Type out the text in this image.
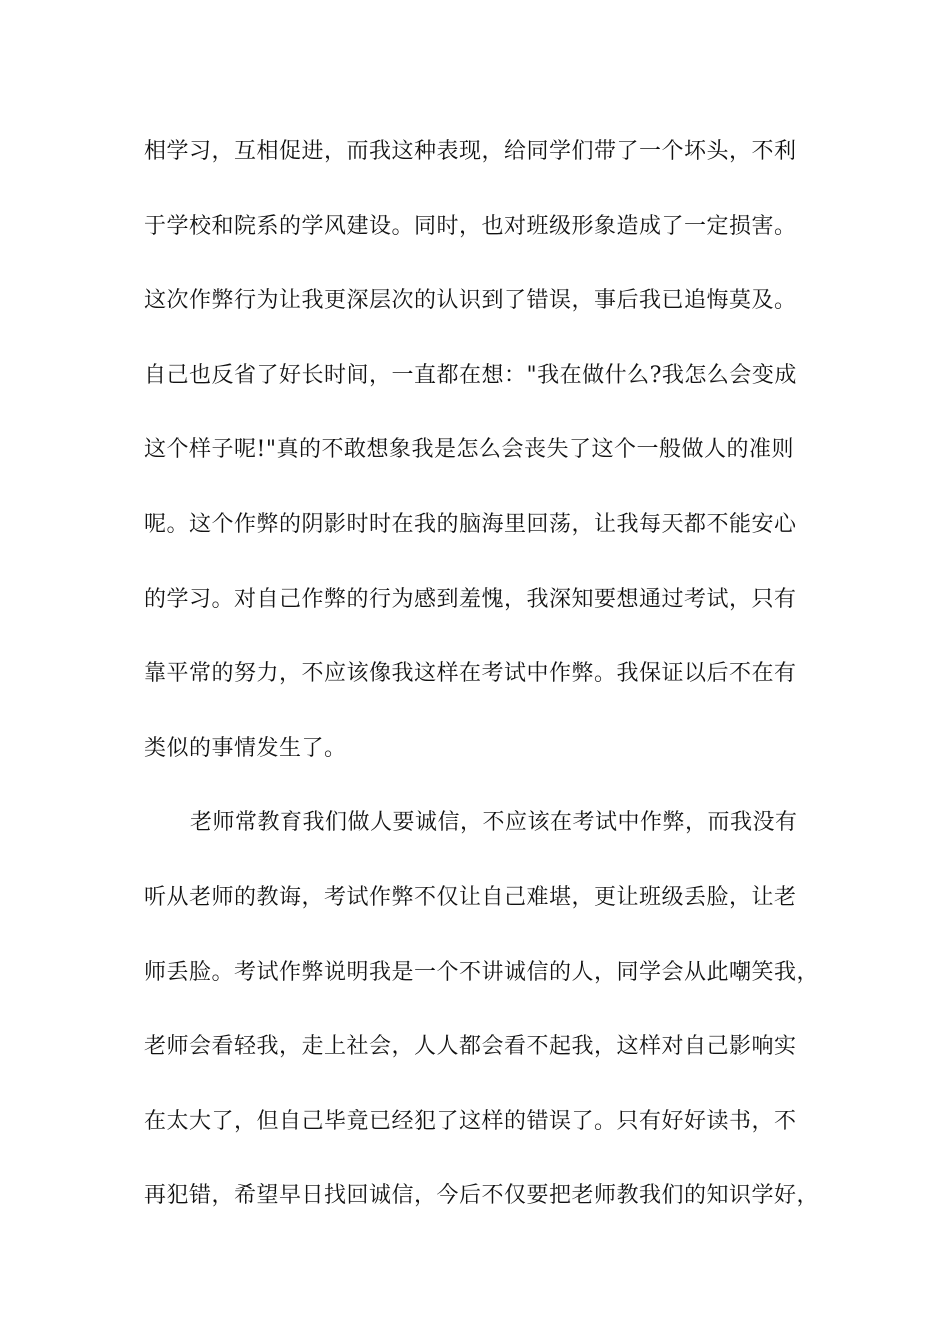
相学习，互相促进，而我这种表现，给同学们带了一个坏头，不利
于学校和院系的学风建设。同时，也对班级形象造成了一定损害。
这次作弊行为让我更深层次的认识到了错误，事后我已追悔莫及。
自己也反省了好长时间，一直都在想："我在做什么?我怎么会变成
这个样子呢!"真的不敢想象我是怎么会丧失了这个一般做人的准则
呢。这个作弊的阴影时时在我的脑海里回荡，让我每天都不能安心
的学习。对自己作弊的行为感到羞愧，我深知要想通过考试，只有
靠平常的努力，不应该像我这样在考试中作弊。我保证以后不在有
类似的事情发生了。
老师常教育我们做人要诚信，不应该在考试中作弊，而我没有
听从老师的教诲，考试作弊不仅让自己难堪，更让班级丢脸，让老
师丢脸。考试作弊说明我是一个不讲诚信的人，同学会从此嘲笑我，
老师会看轻我，走上社会，人人都会看不起我，这样对自己影响实
在太大了，但自己毕竟已经犯了这样的错误了。只有好好读书，不
再犯错，希望早日找回诚信，今后不仅要把老师教我们的知识学好，
